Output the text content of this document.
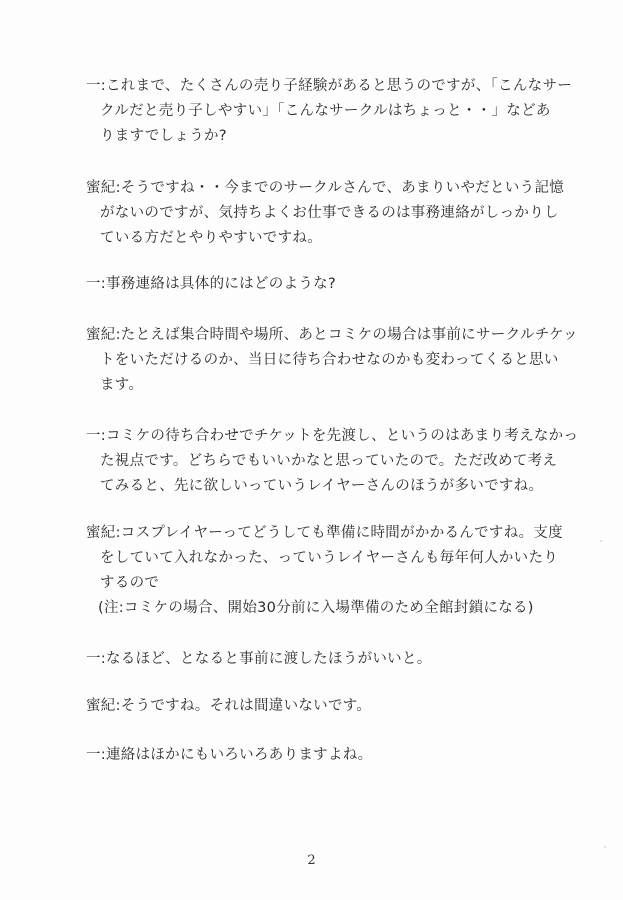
一:これまで、たくさんの売り子経験があると思うのですが、「こんなサー
クルだと売り子しやすい」「こんなサークルはちょっと・・」などあ
りますでしょうか?
蜜紀:そうですね・・今までのサークルさんで、あまりいやだという記憶
がないのですが、気持ちよくお仕事できるのは事務連絡がしっかりし
ている方だとやりやすいですね。
一:事務連絡は具体的にはどのような?
蜜紀:たとえば集合時間や場所、あとコミケの場合は事前にサークルチケッ
トをいただけるのか、当日に待ち合わせなのかも変わってくると思い
ます。
一:コミケの待ち合わせでチケットを先渡し、というのはあまり考えなかっ
た視点です。どちらでもいいかなと思っていたので。ただ改めて考え
てみると、先に欲しいっていうレイヤーさんのほうが多いですね。
蜜紀:コスプレイヤーってどうしても準備に時間がかかるんですね。支度
をしていて入れなかった、っていうレイヤーさんも毎年何人かいたり
するので
(注:コミケの場合、開始30分前に入場準備のため全館封鎖になる)
一:なるほど、となると事前に渡したほうがいいと。
蜜紀:そうですね。それは間違いないです。
一:連絡はほかにもいろいろありますよね。
2
